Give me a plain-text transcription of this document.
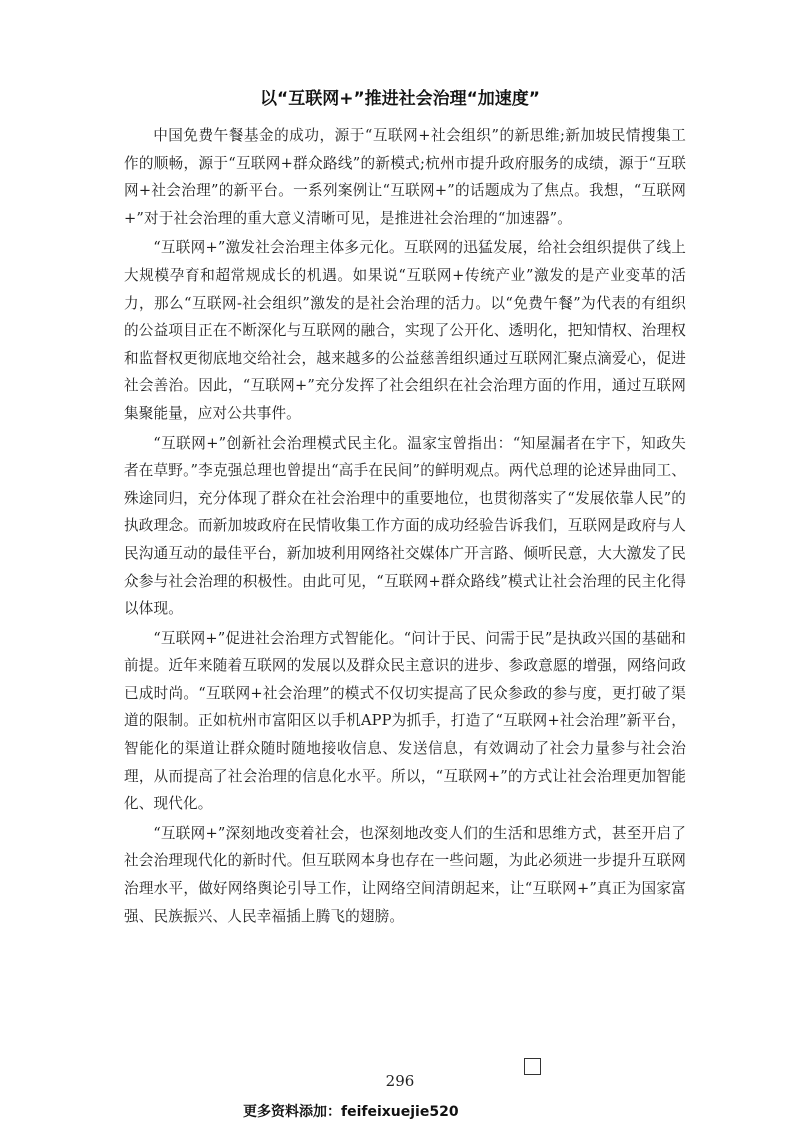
以“互联网+”推进社会治理“加速度”

中国免费午餐基金的成功，源于“互联网+社会组织”的新思维;新加坡民情搜集工作的顺畅，源于“互联网+群众路线”的新模式;杭州市提升政府服务的成绩，源于“互联网+社会治理”的新平台。一系列案例让“互联网+”的话题成为了焦点。我想，“互联网+”对于社会治理的重大意义清晰可见，是推进社会治理的“加速器”。

“互联网+”激发社会治理主体多元化。互联网的迅猛发展，给社会组织提供了线上大规模孕育和超常规成长的机遇。如果说“互联网+传统产业”激发的是产业变革的活力，那么“互联网-社会组织”激发的是社会治理的活力。以“免费午餐”为代表的有组织的公益项目正在不断深化与互联网的融合，实现了公开化、透明化，把知情权、治理权和监督权更彻底地交给社会，越来越多的公益慈善组织通过互联网汇聚点滴爱心，促进社会善治。因此，“互联网+”充分发挥了社会组织在社会治理方面的作用，通过互联网集聚能量，应对公共事件。

“互联网+”创新社会治理模式民主化。温家宝曾指出：“知屋漏者在宇下，知政失者在草野。”李克强总理也曾提出“高手在民间”的鲜明观点。两代总理的论述异曲同工、殊途同归，充分体现了群众在社会治理中的重要地位，也贯彻落实了“发展依靠人民”的执政理念。而新加坡政府在民情收集工作方面的成功经验告诉我们，互联网是政府与人民沟通互动的最佳平台，新加坡利用网络社交媒体广开言路、倾听民意，大大激发了民众参与社会治理的积极性。由此可见，“互联网+群众路线”模式让社会治理的民主化得以体现。

“互联网+”促进社会治理方式智能化。“问计于民、问需于民”是执政兴国的基础和前提。近年来随着互联网的发展以及群众民主意识的进步、参政意愿的增强，网络问政已成时尚。“互联网+社会治理”的模式不仅切实提高了民众参政的参与度，更打破了渠道的限制。正如杭州市富阳区以手机APP为抓手，打造了“互联网+社会治理”新平台，智能化的渠道让群众随时随地接收信息、发送信息，有效调动了社会力量参与社会治理，从而提高了社会治理的信息化水平。所以，“互联网+”的方式让社会治理更加智能化、现代化。

“互联网+”深刻地改变着社会，也深刻地改变人们的生活和思维方式，甚至开启了社会治理现代化的新时代。但互联网本身也存在一些问题，为此必须进一步提升互联网治理水平，做好网络舆论引导工作，让网络空间清朗起来，让“互联网+”真正为国家富强、民族振兴、人民幸福插上腾飞的翅膀。

296
更多资料添加：feifeixuejie520
